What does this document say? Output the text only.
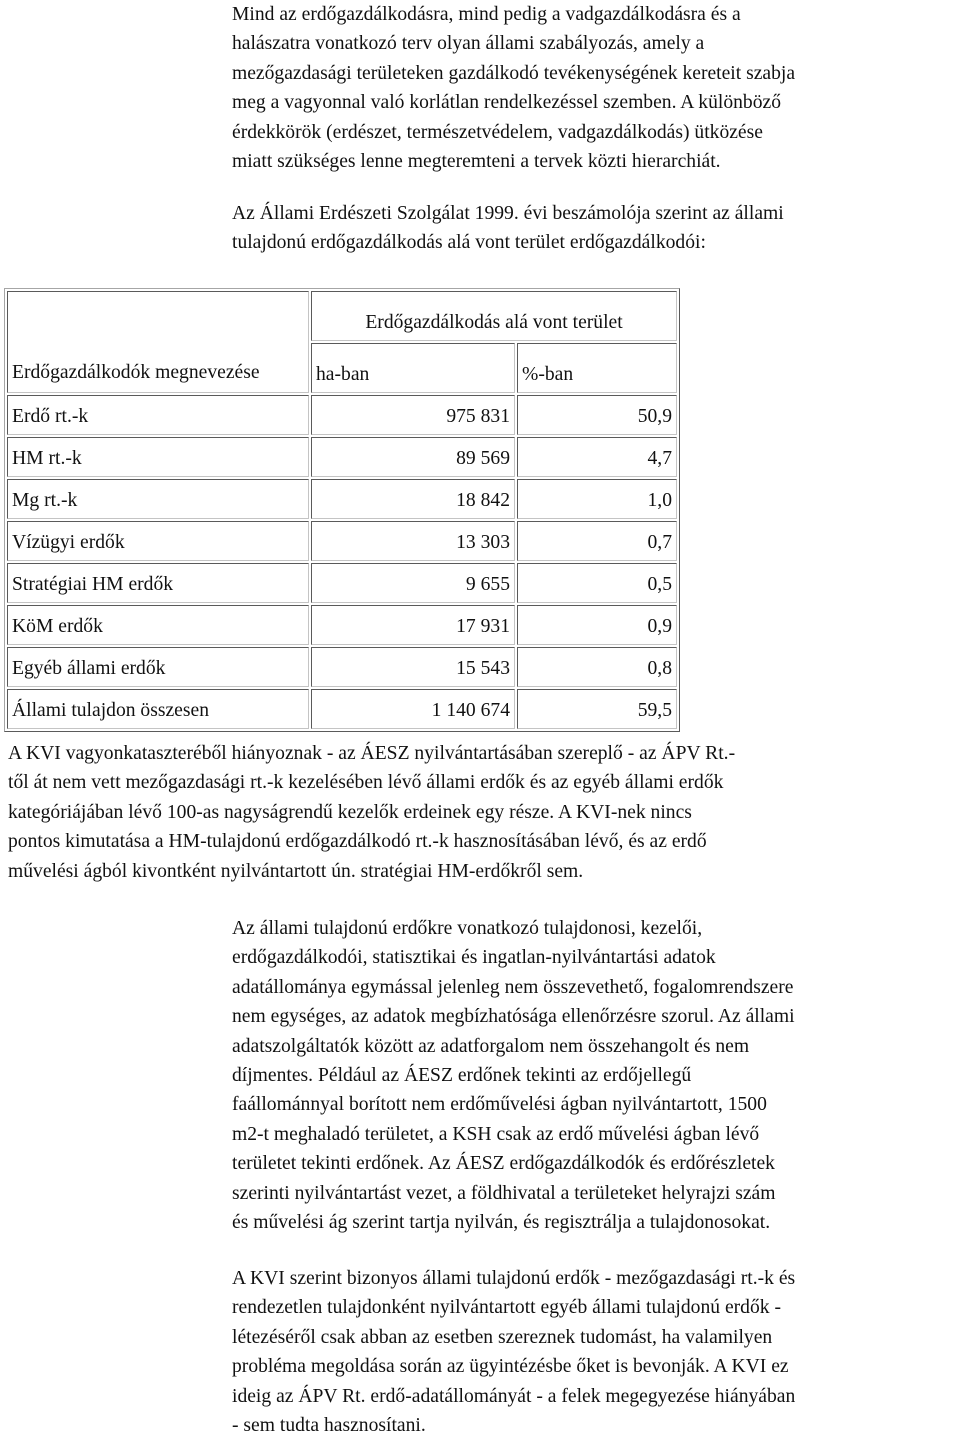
Mind az erdőgazdálkodásra, mind pedig a vadgazdálkodásra és a
halászatra vonatkozó terv olyan állami szabályozás, amely a
mezőgazdasági területeken gazdálkodó tevékenységének kereteit szabja
meg a vagyonnal való korlátlan rendelkezéssel szemben. A különböző
érdekkörök (erdészet, természetvédelem, vadgazdálkodás) ütközése
miatt szükséges lenne megteremteni a tervek közti hierarchiát.

Az Állami Erdészeti Szolgálat 1999. évi beszámolója szerint az állami
tulajdonú erdőgazdálkodás alá vont terület erdőgazdálkodói:

Erdőgazdálkodók megnevezése	Erdőgazdálkodás alá vont terület	
	ha-ban	%-ban
Erdő rt.-k	975 831	50,9
HM rt.-k	89 569	4,7
Mg rt.-k	18 842	1,0
Vízügyi erdők	13 303	0,7
Stratégiai HM erdők	9 655	0,5
KöM erdők	17 931	0,9
Egyéb állami erdők	15 543	0,8
Állami tulajdon összesen	1 140 674	59,5

A KVI vagyonkataszteréből hiányoznak - az ÁESZ nyilvántartásában szereplő - az ÁPV Rt.-
től át nem vett mezőgazdasági rt.-k kezelésében lévő állami erdők és az egyéb állami erdők
kategóriájában lévő 100-as nagyságrendű kezelők erdeinek egy része. A KVI-nek nincs
pontos kimutatása a HM-tulajdonú erdőgazdálkodó rt.-k hasznosításában lévő, és az erdő
művelési ágból kivontként nyilvántartott ún. stratégiai HM-erdőkről sem.

Az állami tulajdonú erdőkre vonatkozó tulajdonosi, kezelői,
erdőgazdálkodói, statisztikai és ingatlan-nyilvántartási adatok
adatállománya egymással jelenleg nem összevethető, fogalomrendszere
nem egységes, az adatok megbízhatósága ellenőrzésre szorul. Az állami
adatszolgáltatók között az adatforgalom nem összehangolt és nem
díjmentes. Például az ÁESZ erdőnek tekinti az erdőjellegű
faállománnyal borított nem erdőművelési ágban nyilvántartott, 1500
m2-t meghaladó területet, a KSH csak az erdő művelési ágban lévő
területet tekinti erdőnek. Az ÁESZ erdőgazdálkodók és erdőrészletek
szerinti nyilvántartást vezet, a földhivatal a területeket helyrajzi szám
és művelési ág szerint tartja nyilván, és regisztrálja a tulajdonosokat.

A KVI szerint bizonyos állami tulajdonú erdők - mezőgazdasági rt.-k és
rendezetlen tulajdonként nyilvántartott egyéb állami tulajdonú erdők -
létezéséről csak abban az esetben szereznek tudomást, ha valamilyen
probléma megoldása során az ügyintézésbe őket is bevonják. A KVI ez
ideig az ÁPV Rt. erdő-adatállományát - a felek megegyezése hiányában
- sem tudta hasznosítani.
